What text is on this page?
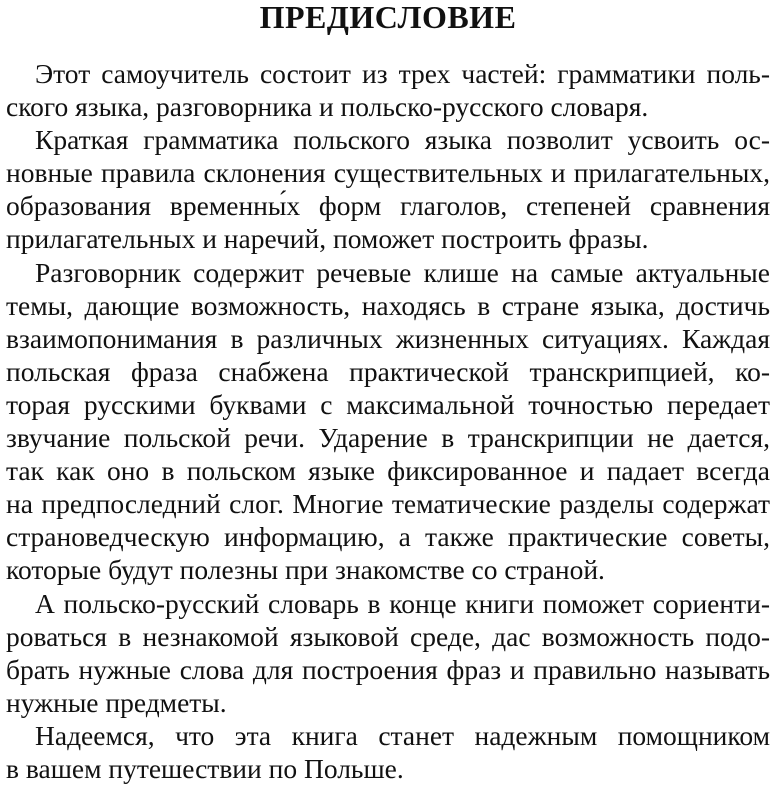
ПРЕДИСЛОВИЕ

Этот самоучитель состоит из трех частей: грамматики поль-
ского языка, разговорника и польско-русского словаря.

Краткая грамматика польского языка позволит усвоить ос-
новные правила склонения существительных и прилагательных,
образования временны́х форм глаголов, степеней сравнения
прилагательных и наречий, поможет построить фразы.

Разговорник содержит речевые клише на самые актуальные
темы, дающие возможность, находясь в стране языка, достичь
взаимопонимания в различных жизненных ситуациях. Каждая
польская фраза снабжена практической транскрипцией, ко-
торая русскими буквами с максимальной точностью передает
звучание польской речи. Ударение в транскрипции не дается,
так как оно в польском языке фиксированное и падает всегда
на предпоследний слог. Многие тематические разделы содержат
страноведческую информацию, а также практические советы,
которые будут полезны при знакомстве со страной.

А польско-русский словарь в конце книги поможет сориенти-
роваться в незнакомой языковой среде, дас возможность подо-
брать нужные слова для построения фраз и правильно называть
нужные предметы.

Надеемся, что эта книга станет надежным помощником
в вашем путешествии по Польше.
